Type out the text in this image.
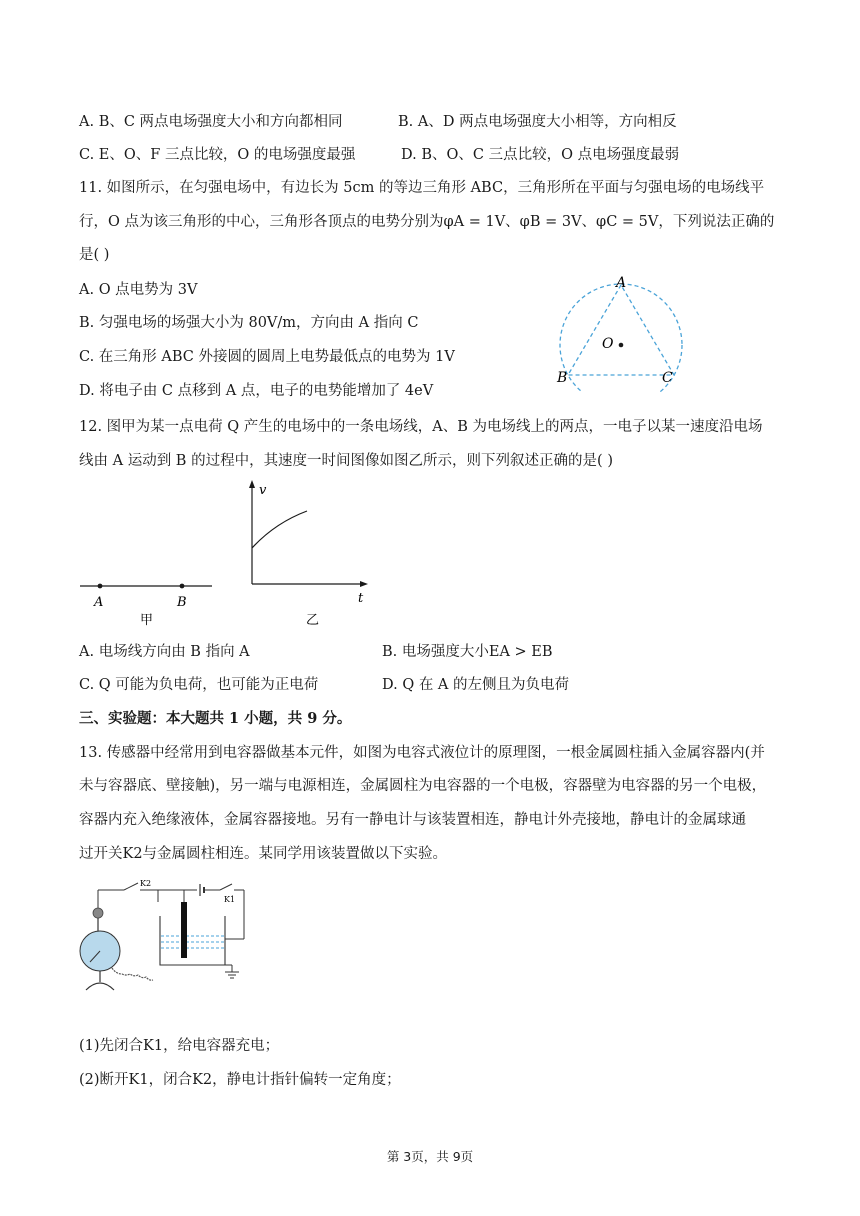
A. B、C 两点电场强度大小和方向都相同	B. A、D 两点电场强度大小相等，方向相反
C. E、O、F 三点比较，O 的电场强度最强	D. B、O、C 三点比较，O 点电场强度最弱
11. 如图所示，在匀强电场中，有边长为 5cm 的等边三角形 ABC，三角形所在平面与匀强电场的电场线平
行，O 点为该三角形的中心，三角形各顶点的电势分别为φA = 1V、φB = 3V、φC = 5V，下列说法正确的
是( )
A. O 点电势为 3V
B. 匀强电场的场强大小为 80V/m，方向由 A 指向 C
C. 在三角形 ABC 外接圆的圆周上电势最低点的电势为 1V
D. 将电子由 C 点移到 A 点，电子的电势能增加了 4eV
A
O
B	C
12. 图甲为某一点电荷 Q 产生的电场中的一条电场线，A、B 为电场线上的两点，一电子以某一速度沿电场
线由 A 运动到 B 的过程中，其速度一时间图像如图乙所示，则下列叙述正确的是( )
A	B
甲
v
t
乙
A. 电场线方向由 B 指向 A	B. 电场强度大小EA > EB
C. Q 可能为负电荷，也可能为正电荷	D. Q 在 A 的左侧且为负电荷
三、实验题：本大题共 1 小题，共 9 分。
13. 传感器中经常用到电容器做基本元件，如图为电容式液位计的原理图，一根金属圆柱插入金属容器内(并
未与容器底、壁接触)，另一端与电源相连，金属圆柱为电容器的一个电极，容器壁为电容器的另一个电极，
容器内充入绝缘液体，金属容器接地。另有一静电计与该装置相连，静电计外壳接地，静电计的金属球通
过开关K2与金属圆柱相连。某同学用该装置做以下实验。
K2
K1
(1)先闭合K1，给电容器充电；
(2)断开K1，闭合K2，静电计指针偏转一定角度；
第 3页，共 9页
